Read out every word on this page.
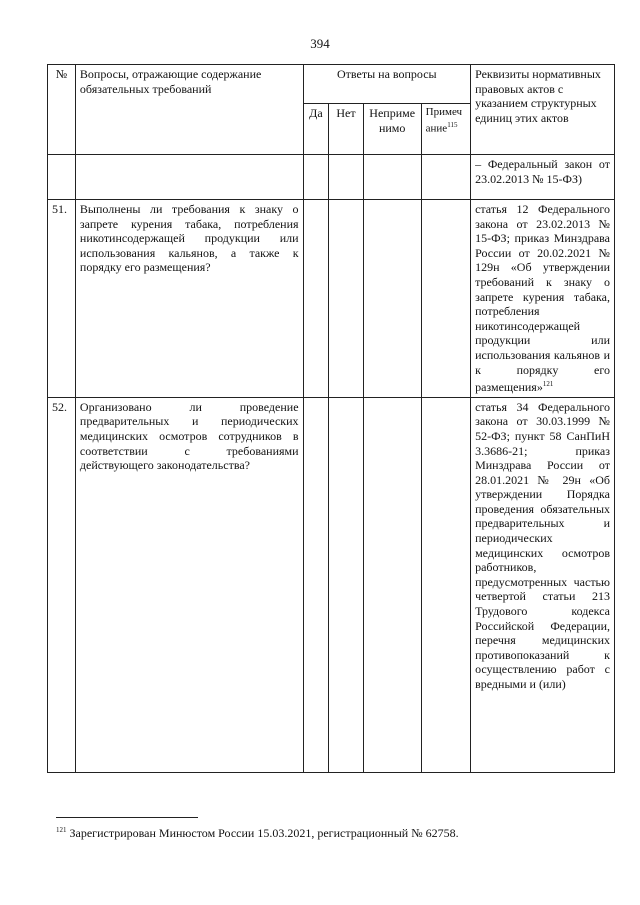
394
№	Вопросы, отражающие содержание обязательных требований	Ответы на вопросы				Реквизиты нормативных правовых актов с указанием структурных единиц этих актов
		Да	Нет	Неприменимо	Примечание$^{115}$
						– Федеральный закон от 23.02.2013 № 15-ФЗ)
51.	Выполнены ли требования к знаку о запрете курения табака, потребления никотинсодержащей продукции или использования кальянов, а также к порядку его размещения?					статья 12 Федерального закона от 23.02.2013 № 15-ФЗ; приказ Минздрава России от 20.02.2021 № 129н «Об утверждении требований к знаку о запрете курения табака, потребления никотинсодержащей продукции или использования кальянов и к порядку его размещения»$^{121}$
52.	Организовано ли проведение предварительных и периодических медицинских осмотров сотрудников в соответствии с требованиями действующего законодательства?					статья 34 Федерального закона от 30.03.1999 № 52-ФЗ; пункт 58 СанПиН 3.3686-21; приказ Минздрава России от 28.01.2021 № 29н «Об утверждении Порядка проведения обязательных предварительных и периодических медицинских осмотров работников, предусмотренных частью четвертой статьи 213 Трудового кодекса Российской Федерации, перечня медицинских противопоказаний к осуществлению работ с вредными и (или)
$^{121}$ Зарегистрирован Минюстом России 15.03.2021, регистрационный № 62758.
